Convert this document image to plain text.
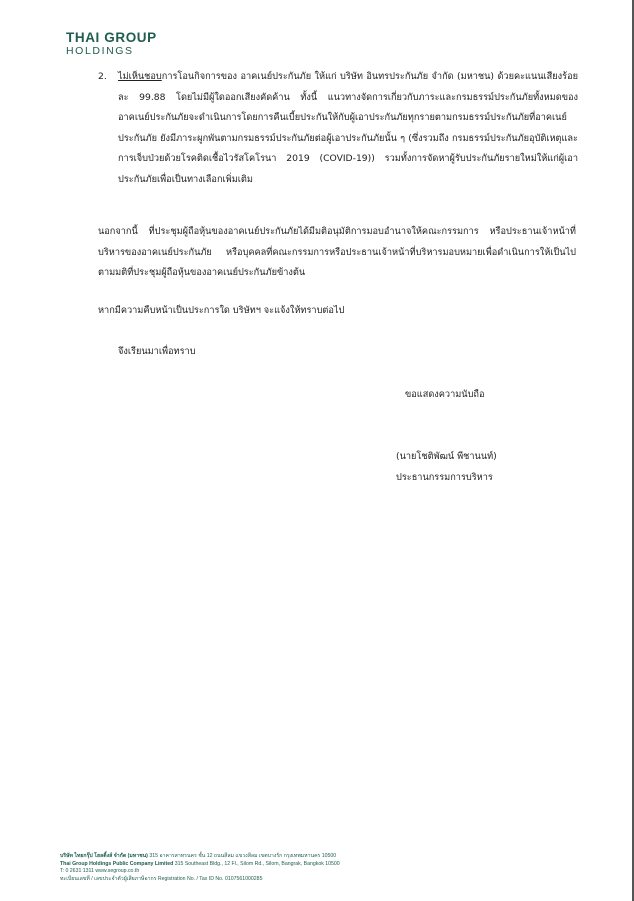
THAI GROUP
HOLDINGS
2. ไม่เห็นชอบการโอนกิจการของ อาคเนย์ประกันภัย ให้แก่ บริษัท อินทรประกันภัย จำกัด (มหาชน) ด้วยคะแนนเสียงร้อยละ 99.88 โดยไม่มีผู้ใดออกเสียงคัดค้าน ทั้งนี้ แนวทางจัดการเกี่ยวกับภาระและกรมธรรม์ประกันภัยทั้งหมดของอาคเนย์ประกันภัยจะดำเนินการโดยการคืนเบี้ยประกันให้กับผู้เอาประกันภัยทุกรายตามกรมธรรม์ประกันภัยที่อาคเนย์ประกันภัย ยังมีภาระผูกพันตามกรมธรรม์ประกันภัยต่อผู้เอาประกันภัยนั้น ๆ (ซึ่งรวมถึง กรมธรรม์ประกันภัยอุบัติเหตุและการเจ็บป่วยด้วยโรคติดเชื้อไวรัสโคโรนา 2019 (COVID-19)) รวมทั้งการจัดหาผู้รับประกันภัยรายใหม่ให้แก่ผู้เอาประกันภัยเพื่อเป็นทางเลือกเพิ่มเติม
นอกจากนี้ ที่ประชุมผู้ถือหุ้นของอาคเนย์ประกันภัยได้มีมติอนุมัติการมอบอำนาจให้คณะกรรมการ หรือประธานเจ้าหน้าที่บริหารของอาคเนย์ประกันภัย หรือบุคคลที่คณะกรรมการหรือประธานเจ้าหน้าที่บริหารมอบหมายเพื่อดำเนินการให้เป็นไปตามมติที่ประชุมผู้ถือหุ้นของอาคเนย์ประกันภัยข้างต้น
หากมีความคืบหน้าเป็นประการใด บริษัทฯ จะแจ้งให้ทราบต่อไป
จึงเรียนมาเพื่อทราบ
ขอแสดงความนับถือ
(นายโชติพัฒน์ พีชานนท์)
ประธานกรรมการบริหาร
บริษัท ไทยกรุ๊ป โฮลดิ้งส์ จำกัด (มหาชน) 315 อาคารสาทรนคร ชั้น 12 ถนนสีลม แขวงสีลม เขตบางรัก กรุงเทพมหานคร 10500
Thai Group Holdings Public Company Limited 315 Southeast Bldg., 12 Fl., Silom Rd., Silom, Bangrak, Bangkok 10500
T: 0 2631 1311 www.segroup.co.th
ทะเบียนเลขที่ / เลขประจำตัวผู้เสียภาษีอากร Registration No. / Tax ID No. 0107561000285
